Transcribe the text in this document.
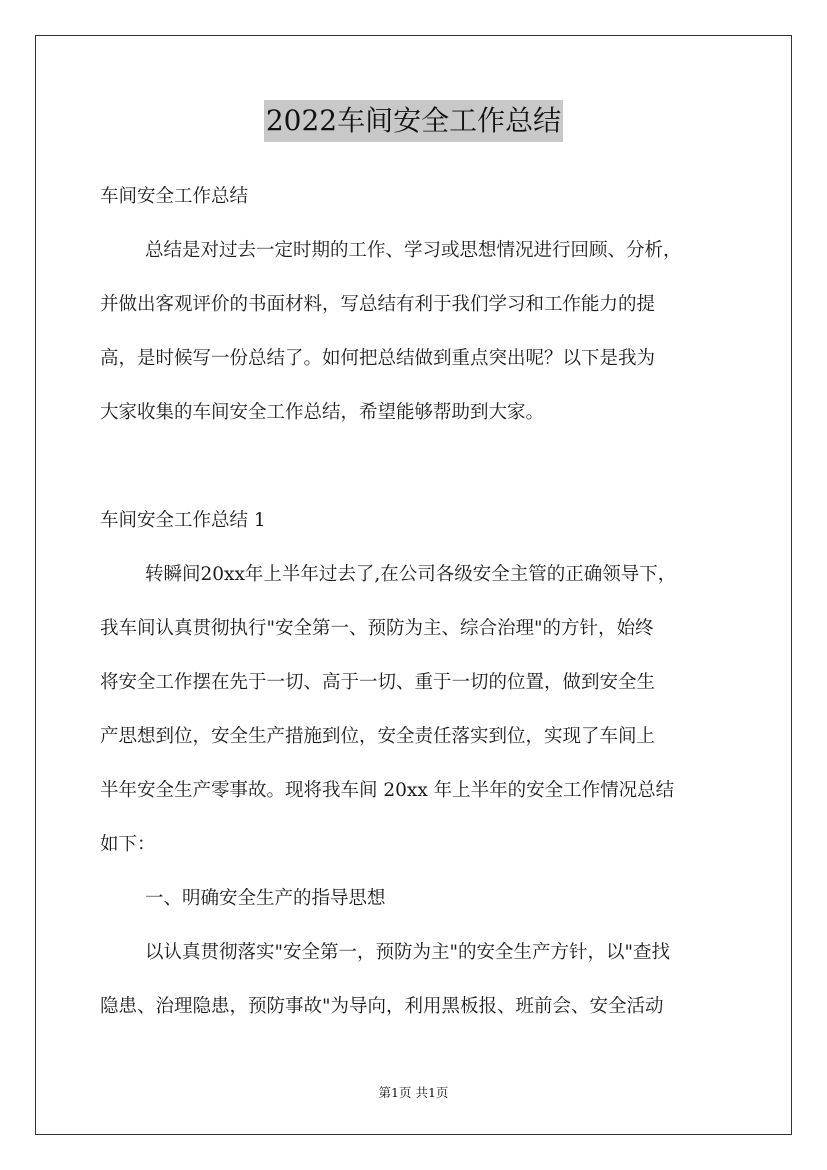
2022车间安全工作总结
车间安全工作总结
总结是对过去一定时期的工作、学习或思想情况进行回顾、分析，
并做出客观评价的书面材料，写总结有利于我们学习和工作能力的提
高，是时候写一份总结了。如何把总结做到重点突出呢？以下是我为
大家收集的车间安全工作总结，希望能够帮助到大家。
车间安全工作总结 1
转瞬间20xx年上半年过去了,在公司各级安全主管的正确领导下，
我车间认真贯彻执行"安全第一、预防为主、综合治理"的方针，始终
将安全工作摆在先于一切、高于一切、重于一切的位置，做到安全生
产思想到位，安全生产措施到位，安全责任落实到位，实现了车间上
半年安全生产零事故。现将我车间 20xx 年上半年的安全工作情况总结
如下：
一、明确安全生产的指导思想
以认真贯彻落实"安全第一，预防为主"的安全生产方针，以"查找
隐患、治理隐患，预防事故"为导向，利用黑板报、班前会、安全活动
第1页 共1页
